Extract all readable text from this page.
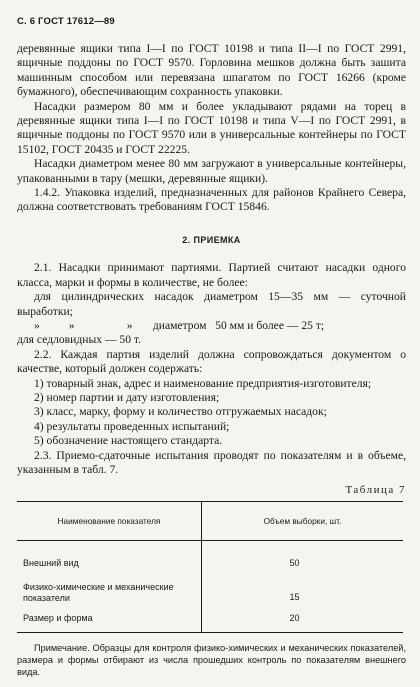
С. 6 ГОСТ 17612—89

деревянные ящики типа I—I по ГОСТ 10198 и типа II—I по ГОСТ 2991, ящичные поддоны по ГОСТ 9570. Горловина мешков должна быть зашита машинным способом или перевязана шпагатом по ГОСТ 16266 (кроме бумажного), обеспечивающим сохранность упаковки.

Насадки размером 80 мм и более укладывают рядами на торец в деревянные ящики типа I—I по ГОСТ 10198 и типа V—I по ГОСТ 2991, в ящичные поддоны по ГОСТ 9570 или в универсальные контейнеры по ГОСТ 15102, ГОСТ 20435 и ГОСТ 22225.

Насадки диаметром менее 80 мм загружают в универсальные контейнеры, упакованными в тару (мешки, деревянные ящики).

1.4.2. Упаковка изделий, предназначенных для районов Крайнего Севера, должна соответствовать требованиям ГОСТ 15846.

2. ПРИЕМКА

2.1. Насадки принимают партиями. Партией считают насадки одного класса, марки и формы в количестве, не более:

для цилиндрических насадок диаметром 15—35 мм — суточной выработки;

»          »                  »       диаметром   50 мм и более — 25 т;

для седловидных — 50 т.

2.2. Каждая партия изделий должна сопровождаться документом о качестве, который должен содержать:

1) товарный знак, адрес и наименование предприятия-изготовителя;

2) номер партии и дату изготовления;

3) класс, марку, форму и количество отгружаемых насадок;

4) результаты проведенных испытаний;

5) обозначение настоящего стандарта.

2.3. Приемо-сдаточные испытания проводят по показателям и в объеме, указанным в табл. 7.

Таблица 7
Наименование показателя	Объем выборки, шт.
Внешний вид	50
Физико-химические и механические показатели	15
Размер и форма	20

Примечание. Образцы для контроля физико-химических и механических показателей, размера и формы отбирают из числа прошедших контроль по показателям внешнего вида.
